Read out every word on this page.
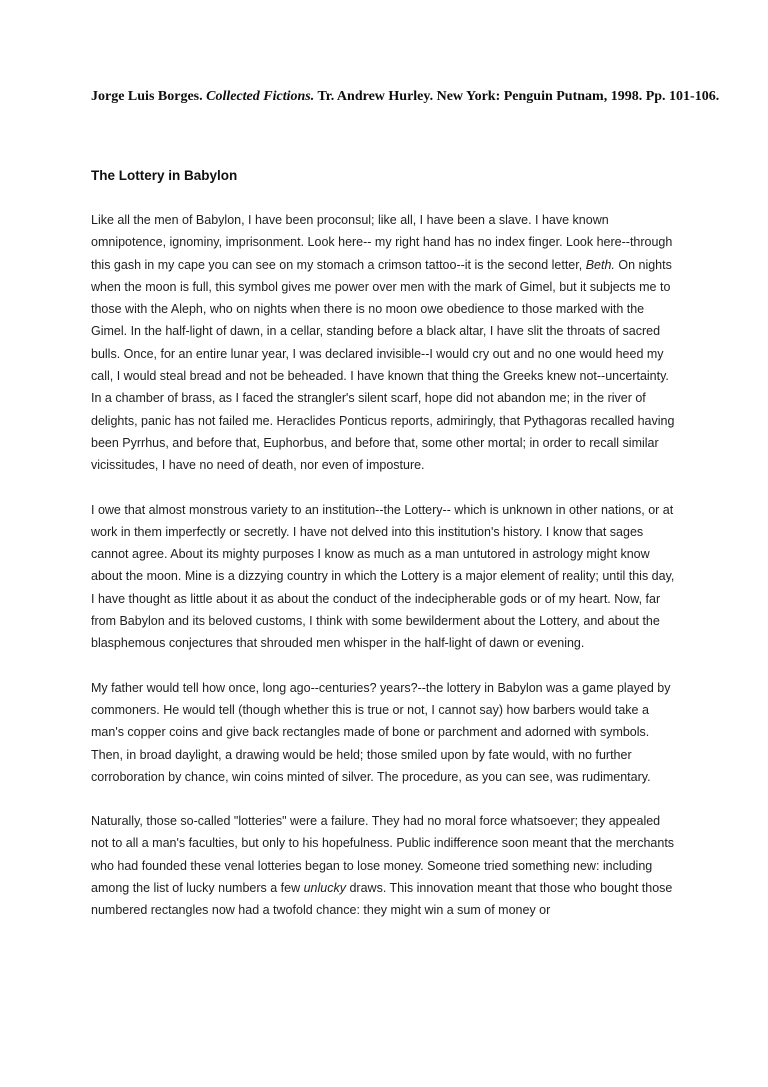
Jorge Luis Borges. Collected Fictions. Tr. Andrew Hurley. New York: Penguin Putnam, 1998. Pp. 101-106.

The Lottery in Babylon

Like all the men of Babylon, I have been proconsul; like all, I have been a slave. I have known omnipotence, ignominy, imprisonment. Look here-- my right hand has no index finger. Look here--through this gash in my cape you can see on my stomach a crimson tattoo--it is the second letter, Beth. On nights when the moon is full, this symbol gives me power over men with the mark of Gimel, but it subjects me to those with the Aleph, who on nights when there is no moon owe obedience to those marked with the Gimel. In the half-light of dawn, in a cellar, standing before a black altar, I have slit the throats of sacred bulls. Once, for an entire lunar year, I was declared invisible--I would cry out and no one would heed my call, I would steal bread and not be beheaded. I have known that thing the Greeks knew not--uncertainty. In a chamber of brass, as I faced the strangler's silent scarf, hope did not abandon me; in the river of delights, panic has not failed me. Heraclides Ponticus reports, admiringly, that Pythagoras recalled having been Pyrrhus, and before that, Euphorbus, and before that, some other mortal; in order to recall similar vicissitudes, I have no need of death, nor even of imposture.

I owe that almost monstrous variety to an institution--the Lottery-- which is unknown in other nations, or at work in them imperfectly or secretly. I have not delved into this institution's history. I know that sages cannot agree. About its mighty purposes I know as much as a man untutored in astrology might know about the moon. Mine is a dizzying country in which the Lottery is a major element of reality; until this day, I have thought as little about it as about the conduct of the indecipherable gods or of my heart. Now, far from Babylon and its beloved customs, I think with some bewilderment about the Lottery, and about the blasphemous conjectures that shrouded men whisper in the half-light of dawn or evening.

My father would tell how once, long ago--centuries? years?--the lottery in Babylon was a game played by commoners. He would tell (though whether this is true or not, I cannot say) how barbers would take a man's copper coins and give back rectangles made of bone or parchment and adorned with symbols. Then, in broad daylight, a drawing would be held; those smiled upon by fate would, with no further corroboration by chance, win coins minted of silver. The procedure, as you can see, was rudimentary.

Naturally, those so-called "lotteries" were a failure. They had no moral force whatsoever; they appealed not to all a man's faculties, but only to his hopefulness. Public indifference soon meant that the merchants who had founded these venal lotteries began to lose money. Someone tried something new: including among the list of lucky numbers a few unlucky draws. This innovation meant that those who bought those numbered rectangles now had a twofold chance: they might win a sum of money or
